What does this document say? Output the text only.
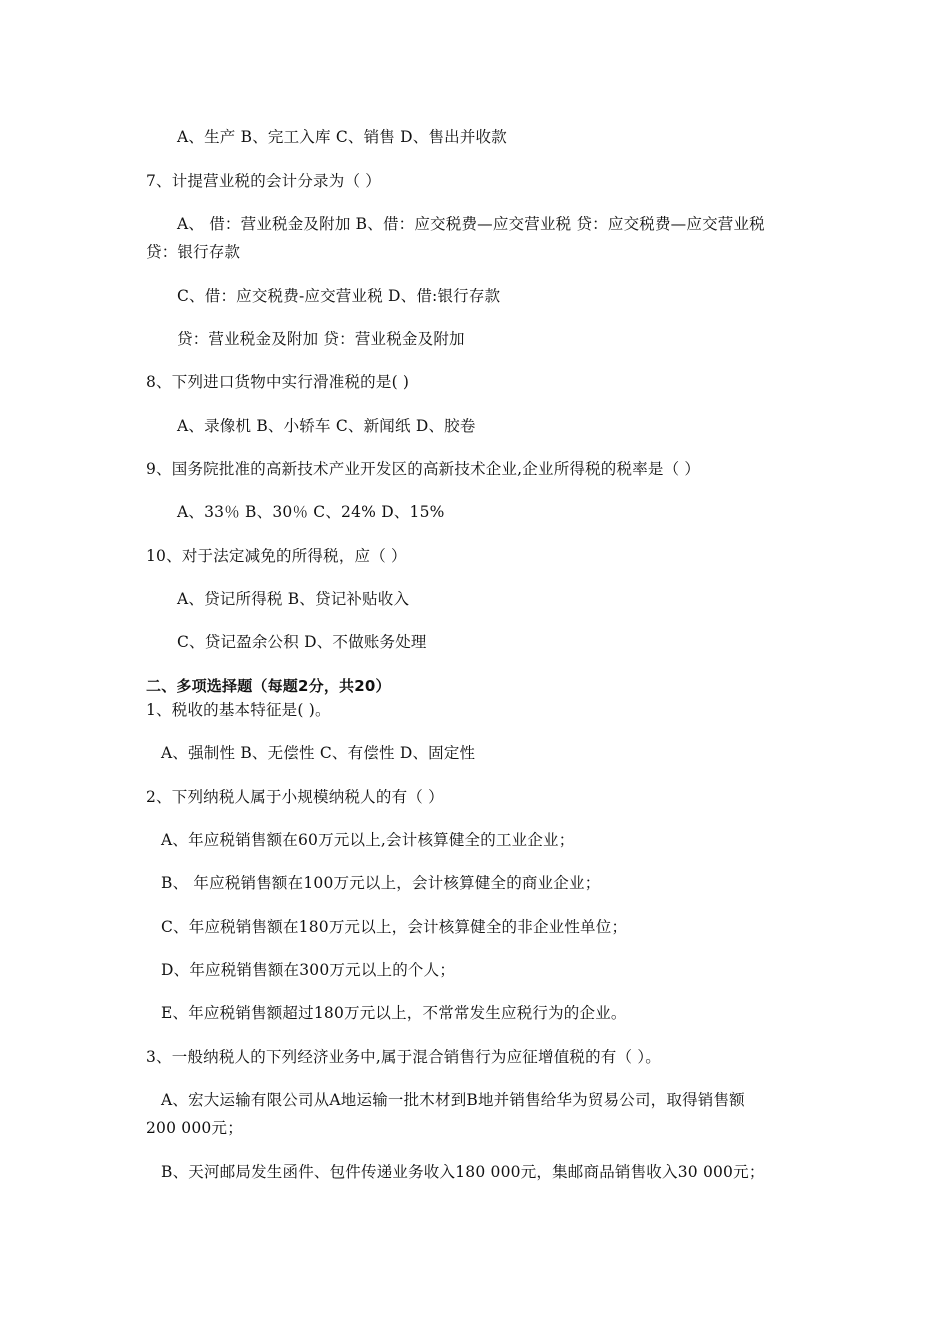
A、生产 B、完工入库 C、销售 D、售出并收款
7、计提营业税的会计分录为（ ）
A、 借：营业税金及附加 B、借：应交税费—应交营业税 贷：应交税费—应交营业税
贷：银行存款
C、借：应交税费-应交营业税 D、借:银行存款
贷：营业税金及附加 贷：营业税金及附加
8、下列进口货物中实行滑准税的是( )
A、录像机 B、小轿车 C、新闻纸 D、胶卷
9、国务院批准的高新技术产业开发区的高新技术企业,企业所得税的税率是（ ）
A、33％ B、30％ C、24% D、15%
10、对于法定减免的所得税，应（ ）
A、贷记所得税 B、贷记补贴收入
C、贷记盈余公积 D、不做账务处理
二、多项选择题（每题2分，共20）
1、税收的基本特征是( )。
A、强制性 B、无偿性 C、有偿性 D、固定性
2、下列纳税人属于小规模纳税人的有（ ）
A、年应税销售额在60万元以上,会计核算健全的工业企业；
B、 年应税销售额在100万元以上，会计核算健全的商业企业；
C、年应税销售额在180万元以上，会计核算健全的非企业性单位；
D、年应税销售额在300万元以上的个人；
E、年应税销售额超过180万元以上，不常常发生应税行为的企业。
3、一般纳税人的下列经济业务中,属于混合销售行为应征增值税的有（ ）。
A、宏大运输有限公司从A地运输一批木材到B地并销售给华为贸易公司，取得销售额
200 000元；
B、天河邮局发生函件、包件传递业务收入180 000元，集邮商品销售收入30 000元；
